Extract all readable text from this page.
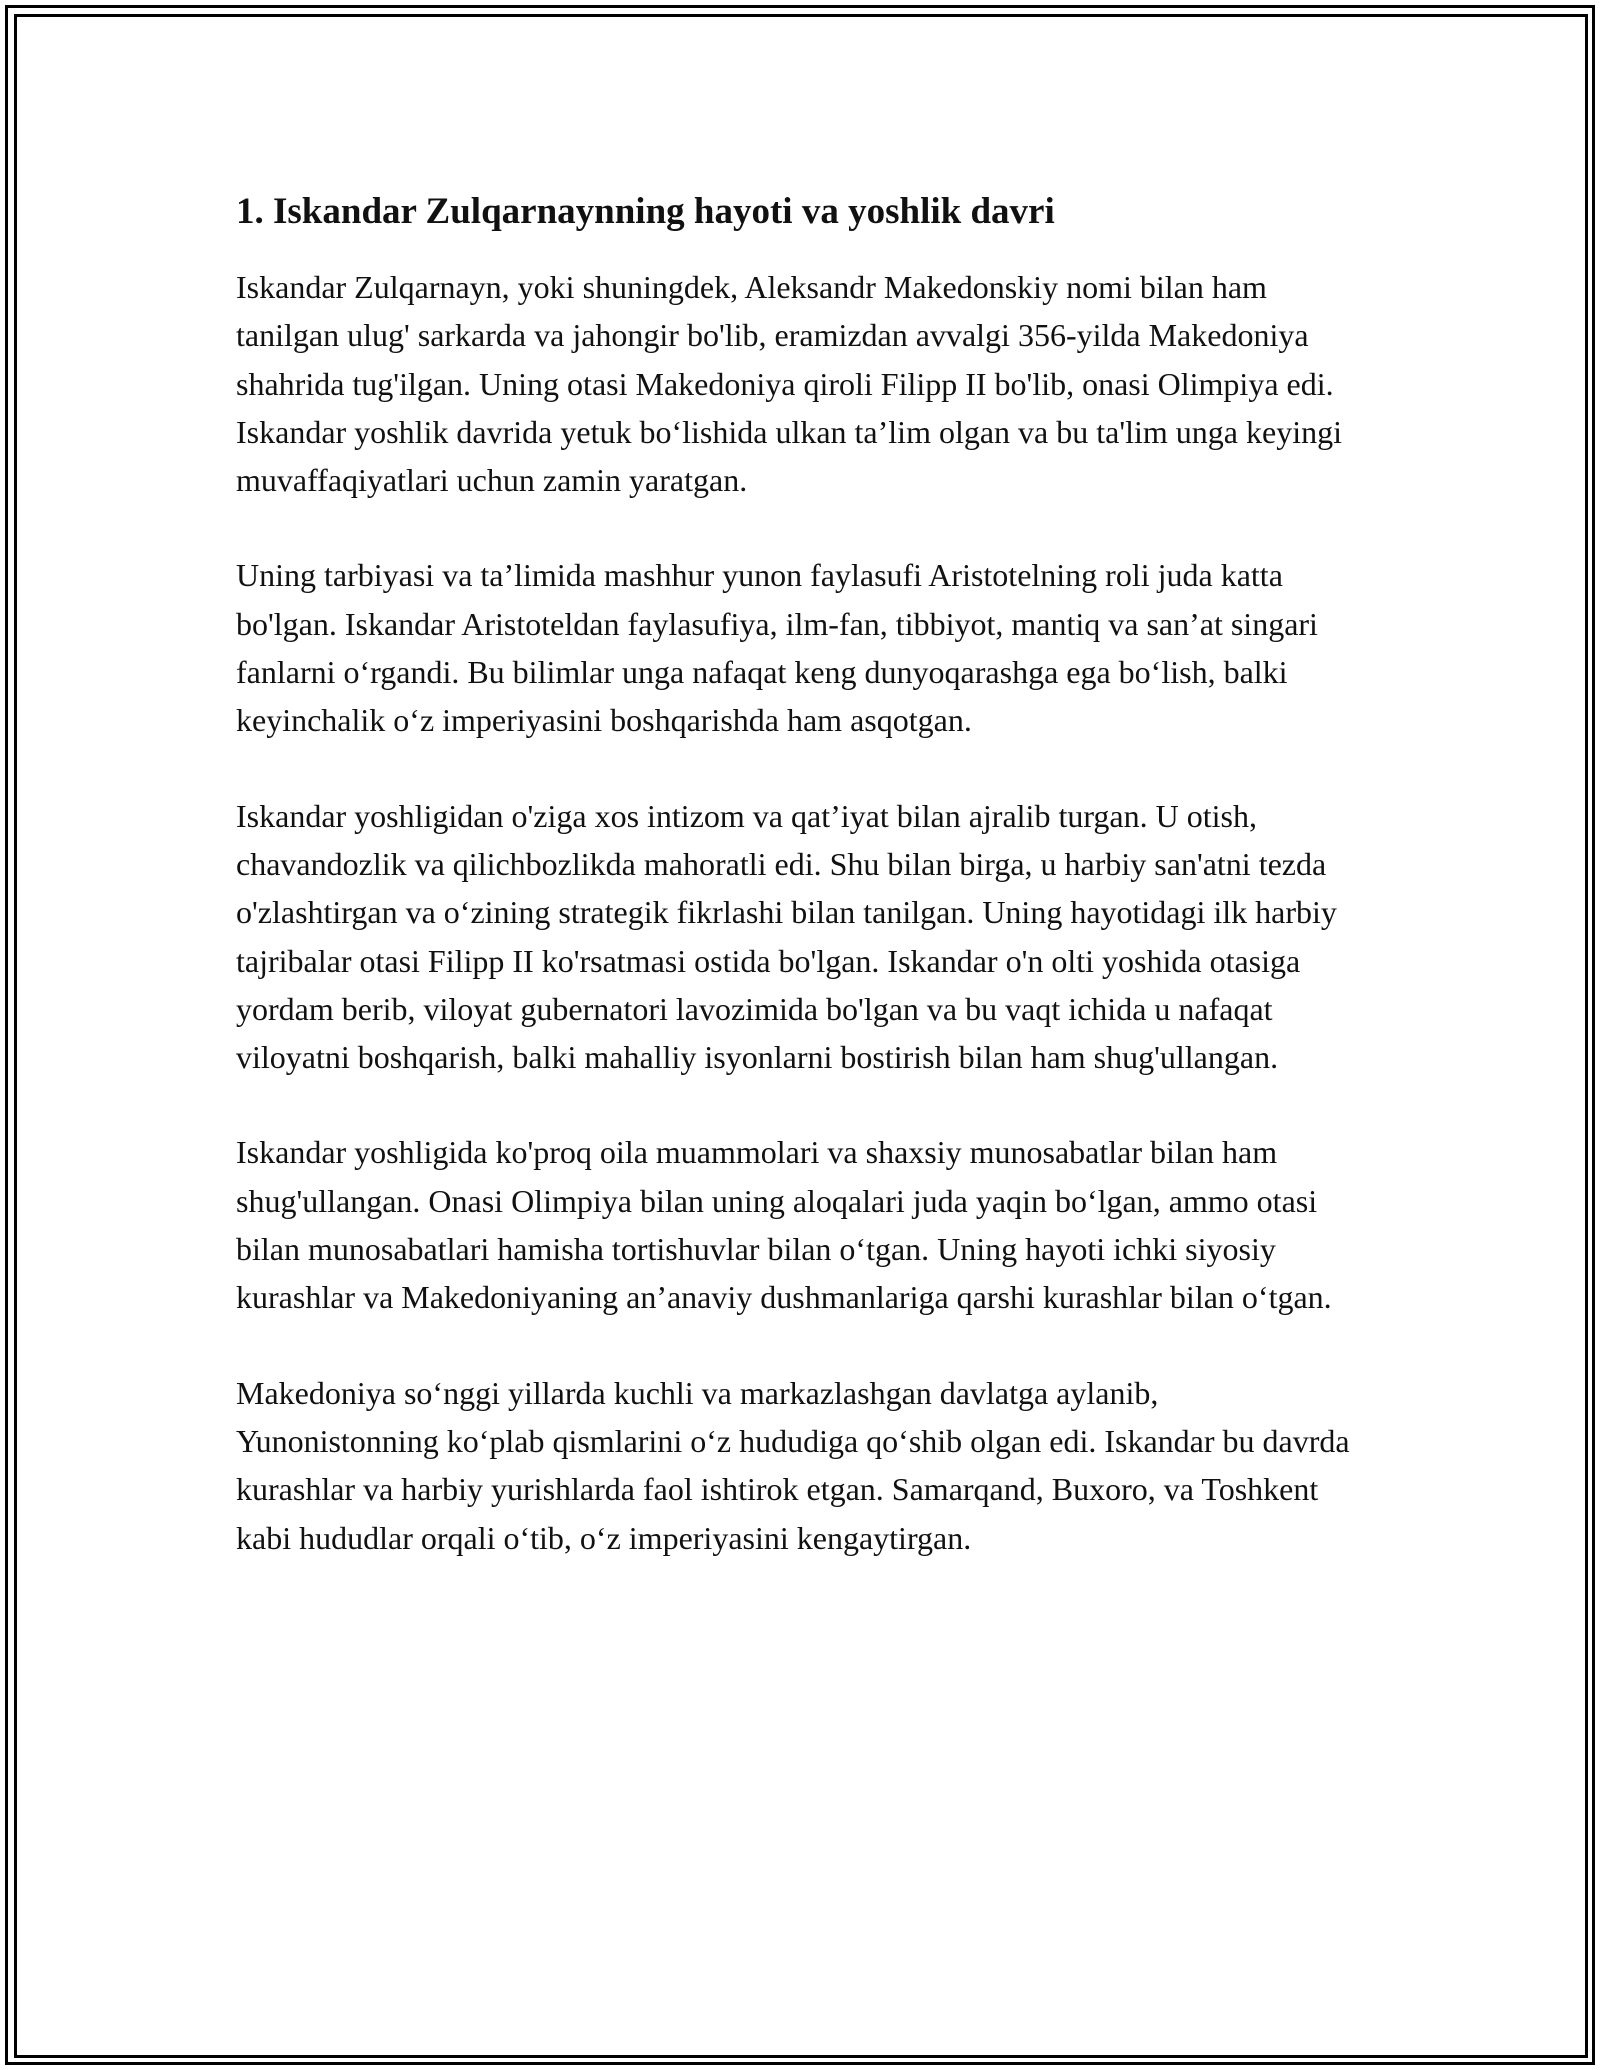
1. Iskandar Zulqarnaynning hayoti va yoshlik davri

Iskandar Zulqarnayn, yoki shuningdek, Aleksandr Makedonskiy nomi bilan ham tanilgan ulug' sarkarda va jahongir bo'lib, eramizdan avvalgi 356-yilda Makedoniya shahrida tug'ilgan. Uning otasi Makedoniya qiroli Filipp II bo'lib, onasi Olimpiya edi. Iskandar yoshlik davrida yetuk bo‘lishida ulkan ta’lim olgan va bu ta'lim unga keyingi muvaffaqiyatlari uchun zamin yaratgan.

Uning tarbiyasi va ta’limida mashhur yunon faylasufi Aristotelning roli juda katta bo'lgan. Iskandar Aristoteldan faylasufiya, ilm-fan, tibbiyot, mantiq va san’at singari fanlarni o‘rgandi. Bu bilimlar unga nafaqat keng dunyoqarashga ega bo‘lish, balki keyinchalik o‘z imperiyasini boshqarishda ham asqotgan.

Iskandar yoshligidan o'ziga xos intizom va qat’iyat bilan ajralib turgan. U otish, chavandozlik va qilichbozlikda mahoratli edi. Shu bilan birga, u harbiy san'atni tezda o'zlashtirgan va o‘zining strategik fikrlashi bilan tanilgan. Uning hayotidagi ilk harbiy tajribalar otasi Filipp II ko'rsatmasi ostida bo'lgan. Iskandar o'n olti yoshida otasiga yordam berib, viloyat gubernatori lavozimida bo'lgan va bu vaqt ichida u nafaqat viloyatni boshqarish, balki mahalliy isyonlarni bostirish bilan ham shug'ullangan.

Iskandar yoshligida ko'proq oila muammolari va shaxsiy munosabatlar bilan ham shug'ullangan. Onasi Olimpiya bilan uning aloqalari juda yaqin bo‘lgan, ammo otasi bilan munosabatlari hamisha tortishuvlar bilan o‘tgan. Uning hayoti ichki siyosiy kurashlar va Makedoniyaning an’anaviy dushmanlariga qarshi kurashlar bilan o‘tgan.

Makedoniya so‘nggi yillarda kuchli va markazlashgan davlatga aylanib, Yunonistonning ko‘plab qismlarini o‘z hududiga qo‘shib olgan edi. Iskandar bu davrda kurashlar va harbiy yurishlarda faol ishtirok etgan. Samarqand, Buxoro, va Toshkent kabi hududlar orqali o‘tib, o‘z imperiyasini kengaytirgan.
